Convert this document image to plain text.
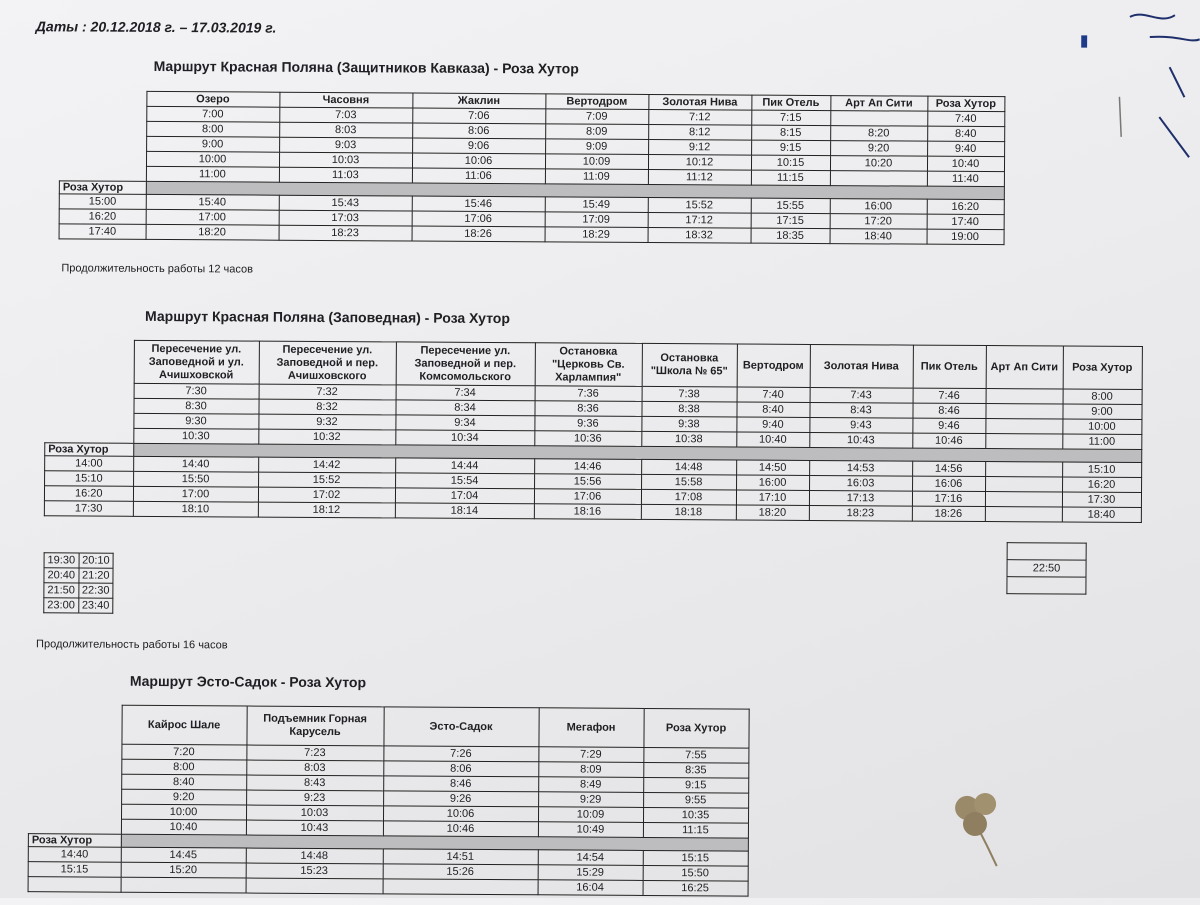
Даты : 20.12.2018 г. – 17.03.2019 г.
Маршрут Красная Поляна (Защитников Кавказа) - Роза Хутор
	Озеро	Часовня	Жаклин	Вертодром	Золотая Нива	Пик Отель	Арт Ап Сити	Роза Хутор
	7:00	7:03	7:06	7:09	7:12	7:15		7:40
	8:00	8:03	8:06	8:09	8:12	8:15	8:20	8:40
	9:00	9:03	9:06	9:09	9:12	9:15	9:20	9:40
	10:00	10:03	10:06	10:09	10:12	10:15	10:20	10:40
	11:00	11:03	11:06	11:09	11:12	11:15		11:40
Роза Хутор								
15:00	15:40	15:43	15:46	15:49	15:52	15:55	16:00	16:20
16:20	17:00	17:03	17:06	17:09	17:12	17:15	17:20	17:40
17:40	18:20	18:23	18:26	18:29	18:32	18:35	18:40	19:00
Продолжительность работы 12 часов
Маршрут Красная Поляна (Заповедная) - Роза Хутор
	Пересечение ул. Заповедной и ул. Ачишховской	Пересечение ул. Заповедной и пер. Ачишховского	Пересечение ул. Заповедной и пер. Комсомольского	Остановка "Церковь Св. Харлампия"	Остановка "Школа № 65"	Вертодром	Золотая Нива	Пик Отель	Арт Ап Сити	Роза Хутор
	7:30	7:32	7:34	7:36	7:38	7:40	7:43	7:46		8:00
	8:30	8:32	8:34	8:36	8:38	8:40	8:43	8:46		9:00
	9:30	9:32	9:34	9:36	9:38	9:40	9:43	9:46		10:00
	10:30	10:32	10:34	10:36	10:38	10:40	10:43	10:46		11:00
Роза Хутор										
14:00	14:40	14:42	14:44	14:46	14:48	14:50	14:53	14:56		15:10
15:10	15:50	15:52	15:54	15:56	15:58	16:00	16:03	16:06		16:20
16:20	17:00	17:02	17:04	17:06	17:08	17:10	17:13	17:16		17:30
17:30	18:10	18:12	18:14	18:16	18:18	18:20	18:23	18:26		18:40
19:30	20:10
20:40	21:20
21:50	22:30
23:00	23:40

22:50

Продолжительность работы 16 часов
Маршрут Эсто-Садок - Роза Хутор
	Кайрос Шале	Подъемник Горная Карусель	Эсто-Садок	Мегафон	Роза Хутор
	7:20	7:23	7:26	7:29	7:55
	8:00	8:03	8:06	8:09	8:35
	8:40	8:43	8:46	8:49	9:15
	9:20	9:23	9:26	9:29	9:55
	10:00	10:03	10:06	10:09	10:35
	10:40	10:43	10:46	10:49	11:15
Роза Хутор					
14:40	14:45	14:48	14:51	14:54	15:15
15:15	15:20	15:23	15:26	15:29	15:50
				16:04	16:25
▮
